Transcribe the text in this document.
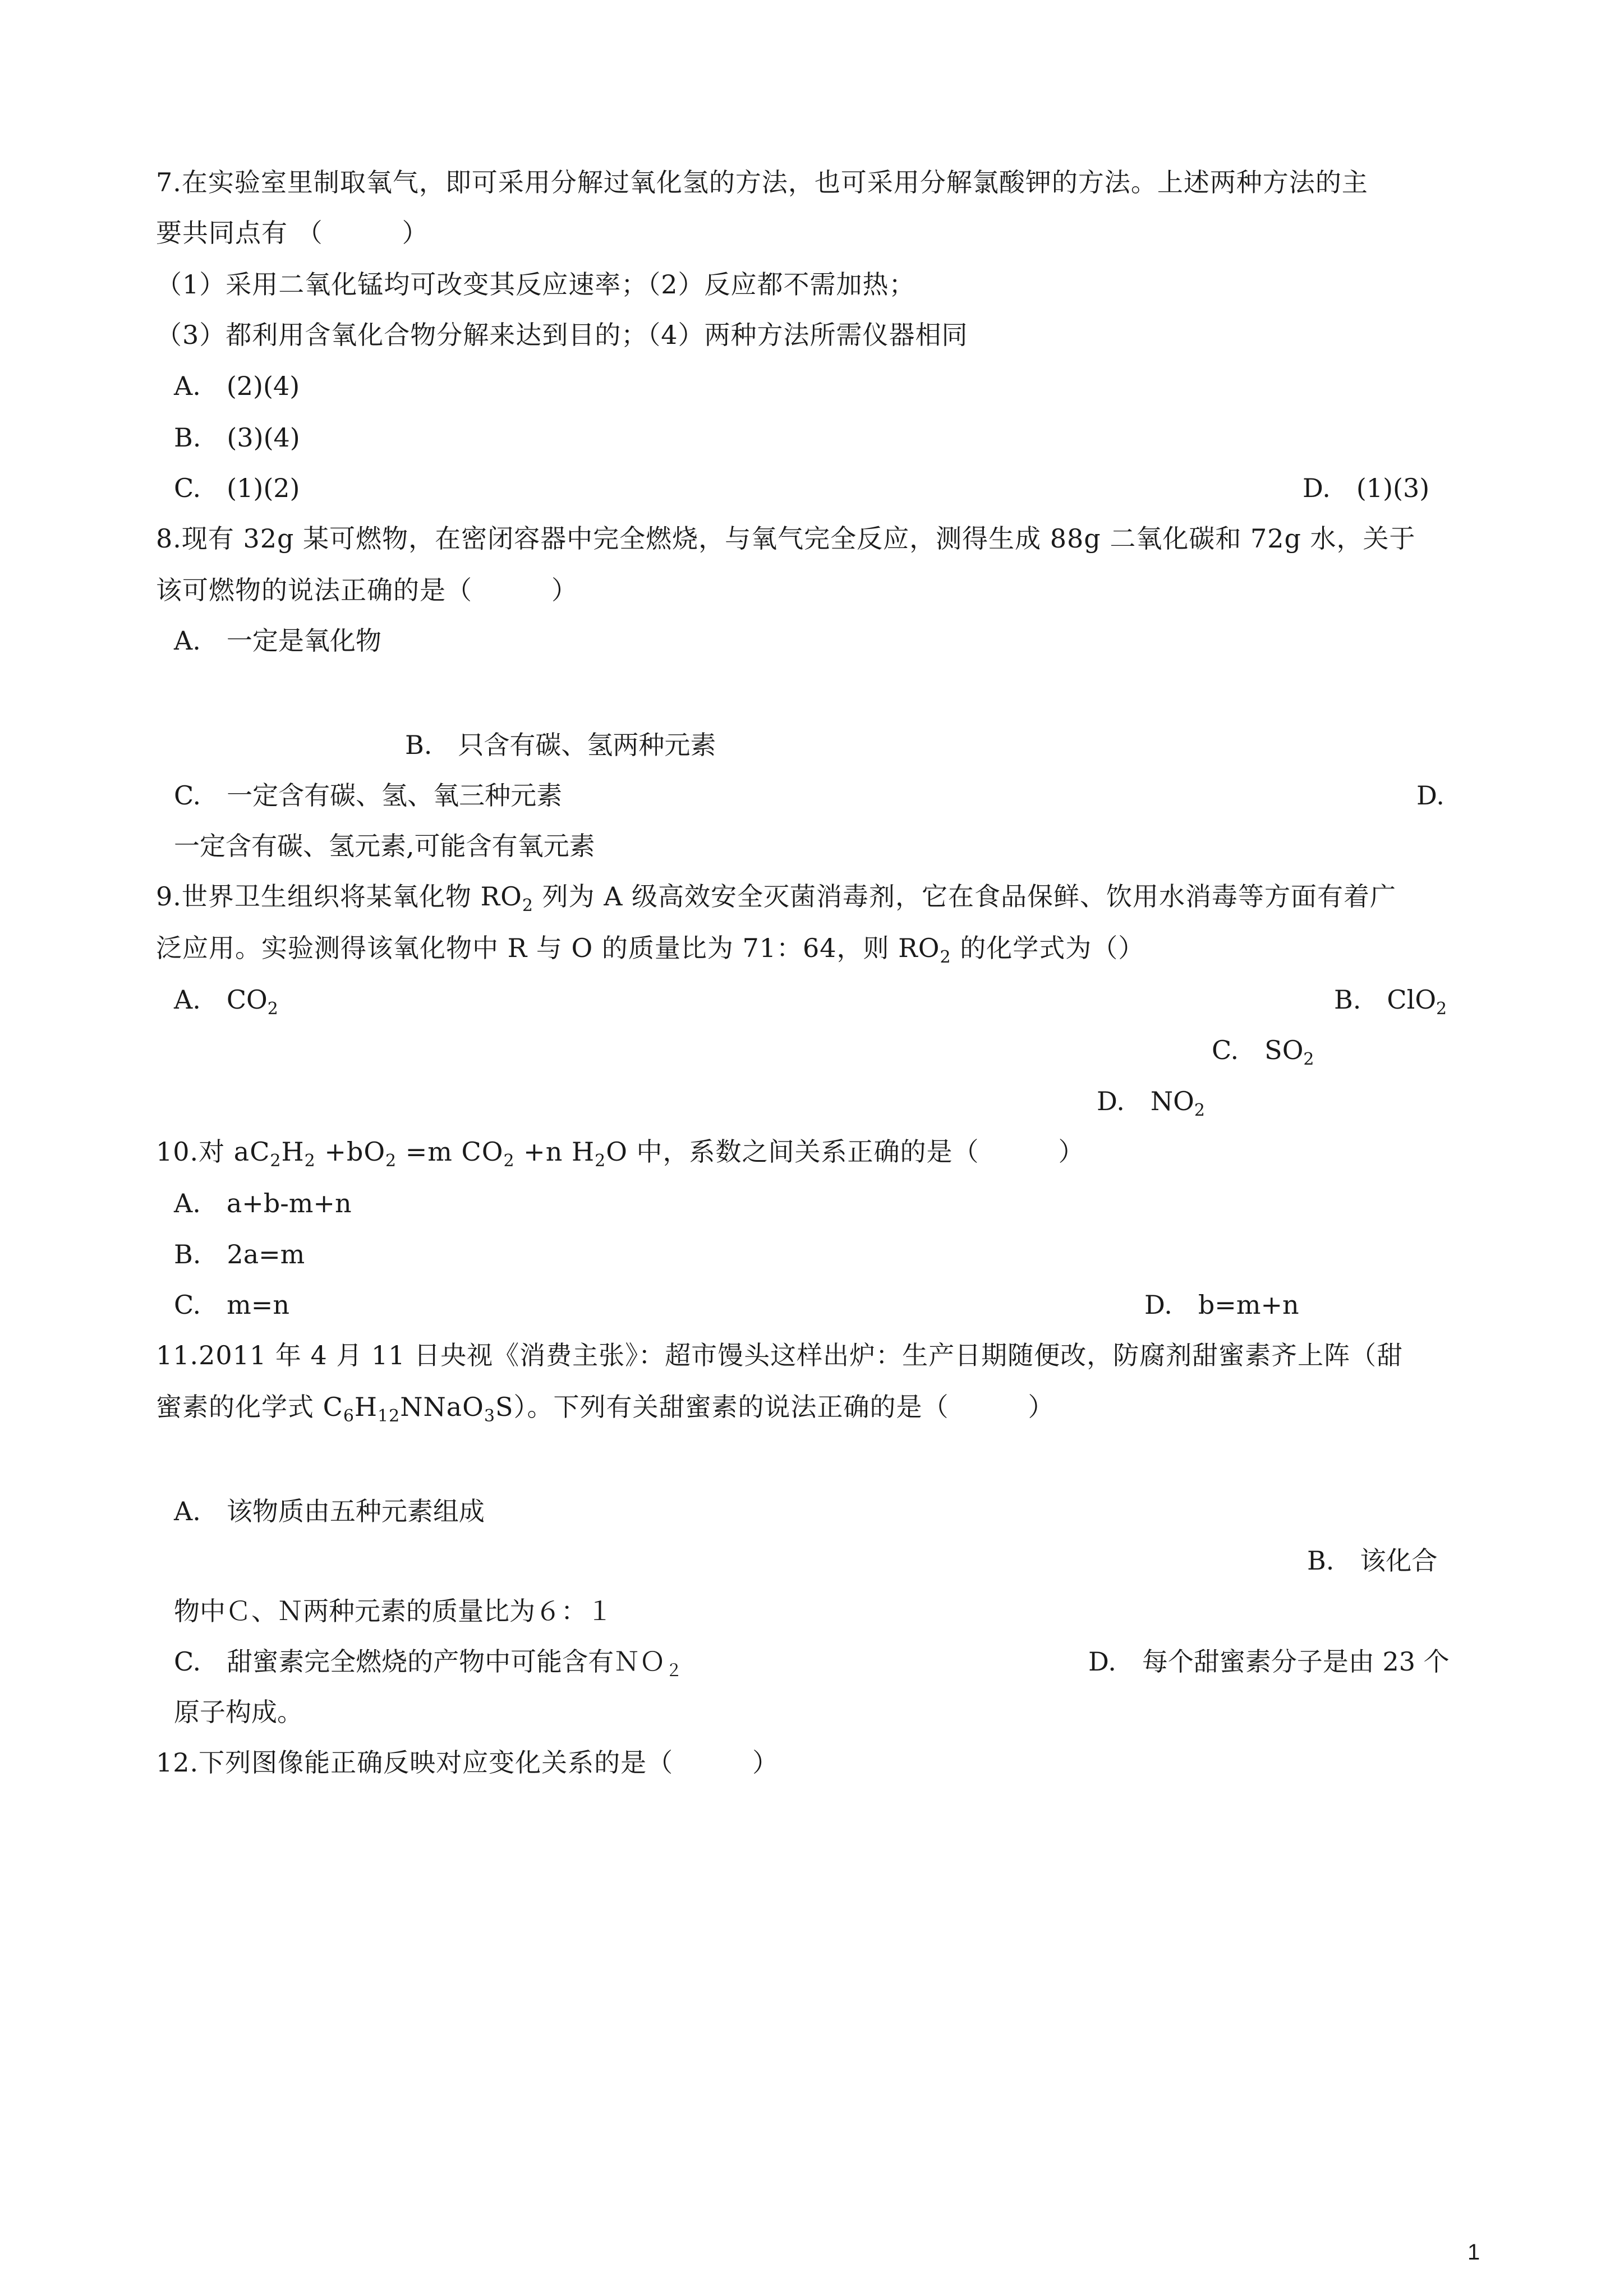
7.在实验室里制取氧气，即可采用分解过氧化氢的方法，也可采用分解氯酸钾的方法。上述两种方法的主
要共同点有 （　　　）
（1）采用二氧化锰均可改变其反应速率；（2）反应都不需加热；
（3）都利用含氧化合物分解来达到目的；（4）两种方法所需仪器相同
A.　(2)(4)
B.　(3)(4)
C.　(1)(2)	D.　(1)(3)
8.现有 32g 某可燃物，在密闭容器中完全燃烧，与氧气完全反应，测得生成 88g 二氧化碳和 72g 水，关于
该可燃物的说法正确的是（　　　）
A.　一定是氧化物
B.　只含有碳、氢两种元素
C.　一定含有碳、氢、氧三种元素	D.
一定含有碳、氢元素,可能含有氧元素
9.世界卫生组织将某氧化物 $RO_2$ 列为 A 级高效安全灭菌消毒剂，它在食品保鲜、饮用水消毒等方面有着广
泛应用。实验测得该氧化物中 R 与 O 的质量比为 71：64，则 $RO_2$ 的化学式为（）
A.　$CO_2$	B.　ClO$_2$
C.　$SO_2$
D.　$NO_2$
10.对 $aC_2H_2 +bO_2 =m$ $CO_2 +n$ $H_2O$ 中，系数之间关系正确的是（　　　）
A.　a+b-m+n
B.　2a=m
C.　m=n	D.　b=m+n
11.2011 年 4 月 11 日央视《消费主张》：超市馒头这样出炉：生产日期随便改，防腐剂甜蜜素齐上阵（甜
蜜素的化学式 $C_6H_{12}NNaO_3S$）。下列有关甜蜜素的说法正确的是（　　　）
A.　该物质由五种元素组成
B.　该化合
物中Ｃ、Ｎ两种元素的质量比为６：１
C.　甜蜜素完全燃烧的产物中可能含有ＮＯ$_2$	D.　每个甜蜜素分子是由 23 个
原子构成。
12.下列图像能正确反映对应变化关系的是（　　　）
1
